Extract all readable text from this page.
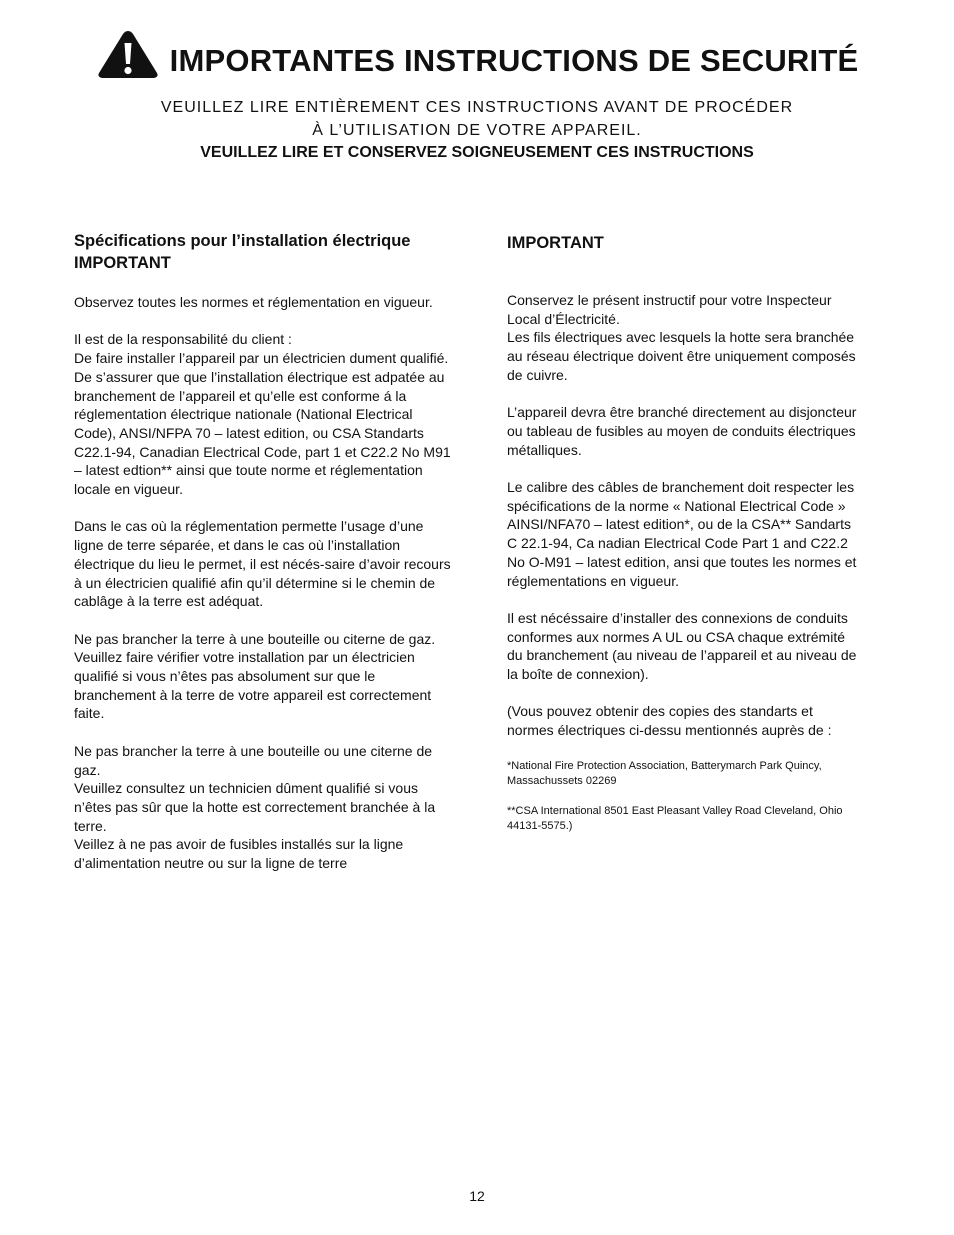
IMPORTANTES INSTRUCTIONS DE SECURITÉ
VEUILLEZ LIRE ENTIÈREMENT CES INSTRUCTIONS AVANT DE PROCÉDER
À L’UTILISATION DE VOTRE APPAREIL.
VEUILLEZ LIRE ET CONSERVEZ SOIGNEUSEMENT CES INSTRUCTIONS
Spécifications pour l’installation électrique
IMPORTANT

Observez toutes les normes et réglementation en vigueur.

Il est de la responsabilité du client :
De faire installer l’appareil par un électricien dument qualifié.

De s’assurer que que l’installation électrique est adpatée au branchement de l’appareil et qu’elle est conforme á la réglementation électrique nationale (National Electrical Code), ANSI/NFPA 70 – latest edition, ou CSA Standarts C22.1-94, Canadian Electrical Code, part 1 et C22.2 No M91 – latest edtion** ainsi que toute norme et réglementation locale en vigueur.

Dans le cas où la réglementation permette l’usage d’une ligne de terre séparée, et dans le cas où l’installation électrique du lieu le permet, il est nécés-saire d’avoir recours à un électricien qualifié afin qu’il détermine si le chemin de cablâge à la terre est adéquat.

Ne pas brancher la terre à une bouteille ou citerne de gaz.

Veuillez faire vérifier votre installation par un électricien qualifié si vous n’êtes pas absolument sur que le branchement à la terre de votre appareil est correctement faite.

Ne pas brancher la terre à une bouteille ou une citerne de gaz.
Veuillez consultez un technicien dûment qualifié si vous n’êtes pas sûr que la hotte est correctement branchée à la terre.
Veillez à ne pas avoir de fusibles installés sur la ligne d’alimentation neutre ou sur la ligne de terre
IMPORTANT
Conservez le présent instructif pour votre Inspecteur Local d’Électricité.

Les fils électriques avec lesquels la hotte sera branchée au réseau électrique doivent être uniquement composés de cuivre.

L’appareil devra être branché directement au disjoncteur ou tableau de fusibles au moyen de conduits électriques métalliques.

Le calibre des câbles de branchement doit respecter les spécifications de la norme « National Electrical Code » AINSI/NFA70 – latest edition*, ou de la CSA** Sandarts C 22.1-94, Ca nadian Electrical Code Part 1 and C22.2 No O-M91 – latest edition, ansi que toutes les normes et réglementations en vigueur.

Il est nécéssaire d’installer des connexions de conduits conformes aux normes A UL ou CSA chaque extrémité du branchement (au niveau de l’appareil et au niveau de la boîte de connexion).

(Vous pouvez obtenir des copies des standarts et normes électriques ci-dessu mentionnés auprès de :

*National Fire Protection Association, Batterymarch Park Quincy, Massachussets 02269

**CSA International 8501 East Pleasant Valley Road Cleveland, Ohio 44131-5575.)

12
